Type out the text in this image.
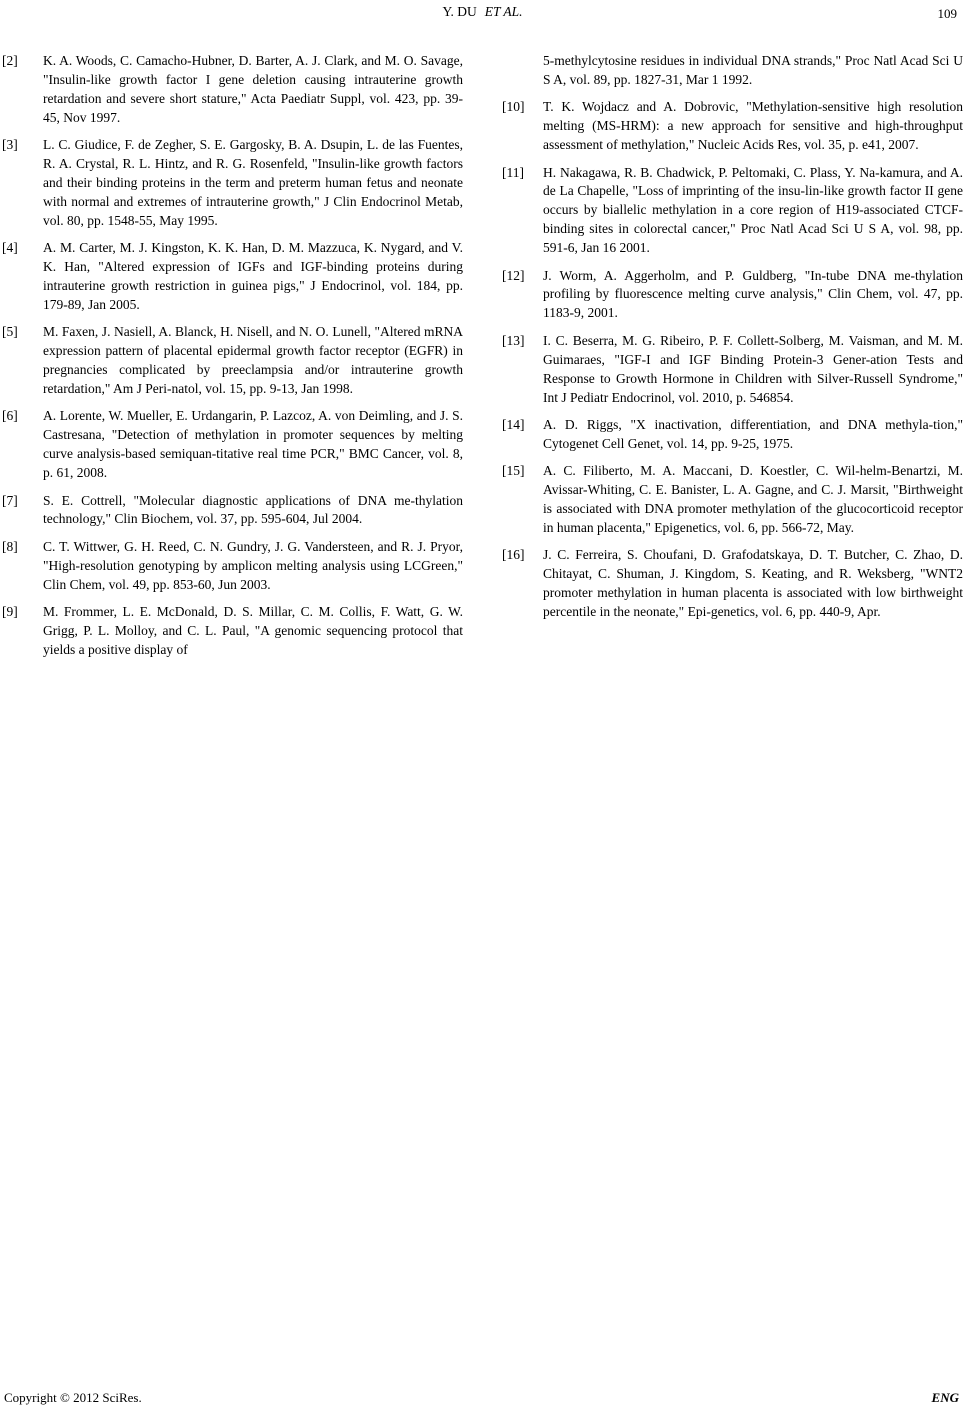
Y. DU ET AL.	109
[2]	K. A. Woods, C. Camacho-Hubner, D. Barter, A. J. Clark, and M. O. Savage, "Insulin-like growth factor I gene deletion causing intrauterine growth retardation and severe short stature," Acta Paediatr Suppl, vol. 423, pp. 39-45, Nov 1997.
[3]	L. C. Giudice, F. de Zegher, S. E. Gargosky, B. A. Dsupin, L. de las Fuentes, R. A. Crystal, R. L. Hintz, and R. G. Rosenfeld, "Insulin-like growth factors and their binding proteins in the term and preterm human fetus and neonate with normal and extremes of intrauterine growth," J Clin Endocrinol Metab, vol. 80, pp. 1548-55, May 1995.
[4]	A. M. Carter, M. J. Kingston, K. K. Han, D. M. Mazzuca, K. Nygard, and V. K. Han, "Altered expression of IGFs and IGF-binding proteins during intrauterine growth restriction in guinea pigs," J Endocrinol, vol. 184, pp. 179-89, Jan 2005.
[5]	M. Faxen, J. Nasiell, A. Blanck, H. Nisell, and N. O. Lunell, "Altered mRNA expression pattern of placental epidermal growth factor receptor (EGFR) in pregnancies complicated by preeclampsia and/or intrauterine growth retardation," Am J Peri-natol, vol. 15, pp. 9-13, Jan 1998.
[6]	A. Lorente, W. Mueller, E. Urdangarin, P. Lazcoz, A. von Deimling, and J. S. Castresana, "Detection of methylation in promoter sequences by melting curve analysis-based semiquan-titative real time PCR," BMC Cancer, vol. 8, p. 61, 2008.
[7]	S. E. Cottrell, "Molecular diagnostic applications of DNA me-thylation technology," Clin Biochem, vol. 37, pp. 595-604, Jul 2004.
[8]	C. T. Wittwer, G. H. Reed, C. N. Gundry, J. G. Vandersteen, and R. J. Pryor, "High-resolution genotyping by amplicon melting analysis using LCGreen," Clin Chem, vol. 49, pp. 853-60, Jun 2003.
[9]	M. Frommer, L. E. McDonald, D. S. Millar, C. M. Collis, F. Watt, G. W. Grigg, P. L. Molloy, and C. L. Paul, "A genomic sequencing protocol that yields a positive display of
5-methylcytosine residues in individual DNA strands," Proc Natl Acad Sci U S A, vol. 89, pp. 1827-31, Mar 1 1992.
[10]	T. K. Wojdacz and A. Dobrovic, "Methylation-sensitive high resolution melting (MS-HRM): a new approach for sensitive and high-throughput assessment of methylation," Nucleic Acids Res, vol. 35, p. e41, 2007.
[11]	H. Nakagawa, R. B. Chadwick, P. Peltomaki, C. Plass, Y. Na-kamura, and A. de La Chapelle, "Loss of imprinting of the insu-lin-like growth factor II gene occurs by biallelic methylation in a core region of H19-associated CTCF-binding sites in colorectal cancer," Proc Natl Acad Sci U S A, vol. 98, pp. 591-6, Jan 16 2001.
[12]	J. Worm, A. Aggerholm, and P. Guldberg, "In-tube DNA me-thylation profiling by fluorescence melting curve analysis," Clin Chem, vol. 47, pp. 1183-9, 2001.
[13]	I. C. Beserra, M. G. Ribeiro, P. F. Collett-Solberg, M. Vaisman, and M. M. Guimaraes, "IGF-I and IGF Binding Protein-3 Gener-ation Tests and Response to Growth Hormone in Children with Silver-Russell Syndrome," Int J Pediatr Endocrinol, vol. 2010, p. 546854.
[14]	A. D. Riggs, "X inactivation, differentiation, and DNA methyla-tion," Cytogenet Cell Genet, vol. 14, pp. 9-25, 1975.
[15]	A. C. Filiberto, M. A. Maccani, D. Koestler, C. Wil-helm-Benartzi, M. Avissar-Whiting, C. E. Banister, L. A. Gagne, and C. J. Marsit, "Birthweight is associated with DNA promoter methylation of the glucocorticoid receptor in human placenta," Epigenetics, vol. 6, pp. 566-72, May.
[16]	J. C. Ferreira, S. Choufani, D. Grafodatskaya, D. T. Butcher, C. Zhao, D. Chitayat, C. Shuman, J. Kingdom, S. Keating, and R. Weksberg, "WNT2 promoter methylation in human placenta is associated with low birthweight percentile in the neonate," Epi-genetics, vol. 6, pp. 440-9, Apr.
Copyright © 2012 SciRes.	ENG
